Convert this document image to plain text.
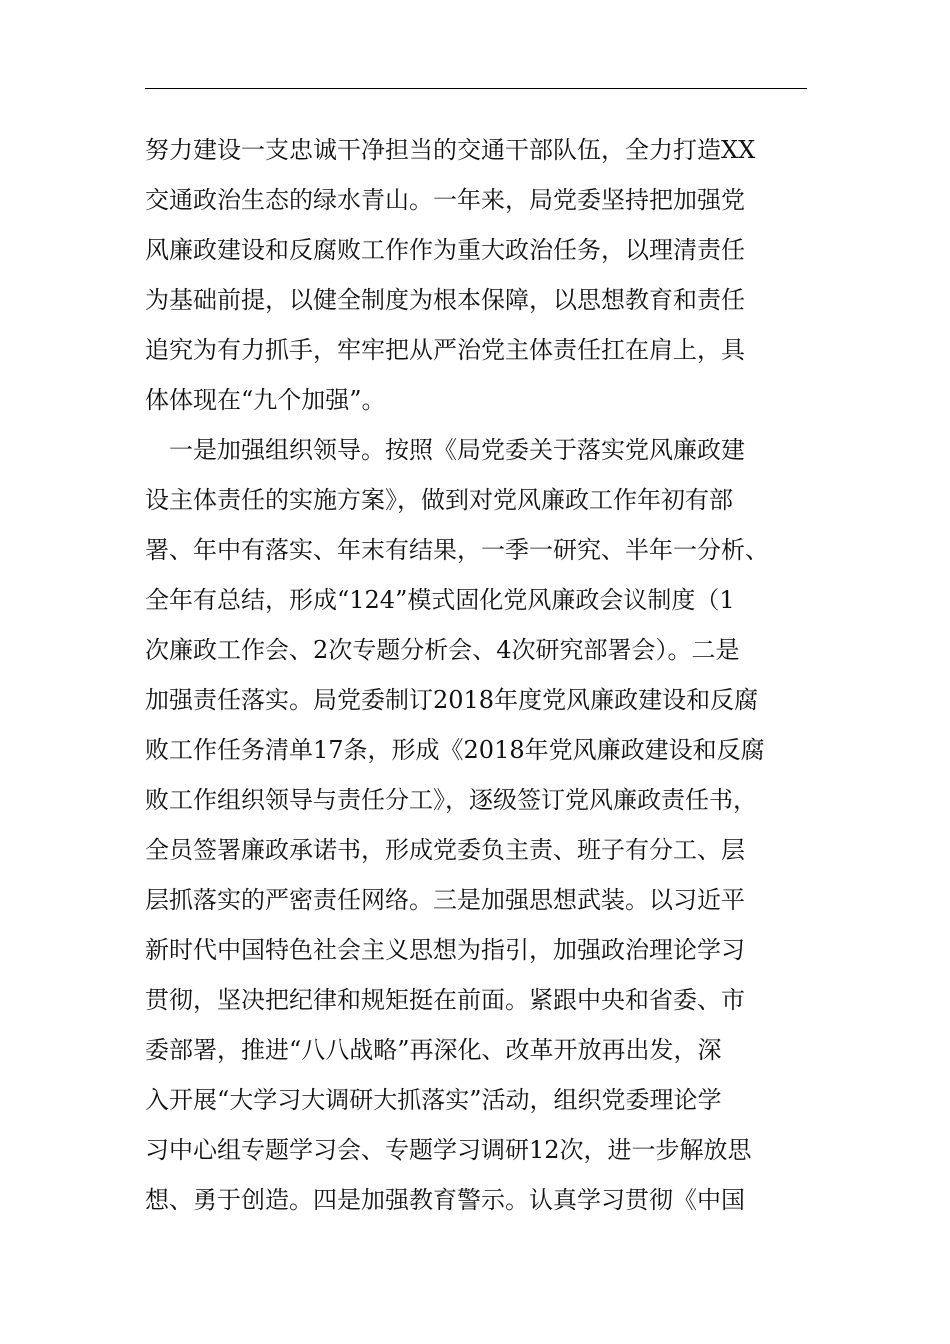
努力建设一支忠诚干净担当的交通干部队伍，全力打造XX
交通政治生态的绿水青山。一年来，局党委坚持把加强党
风廉政建设和反腐败工作作为重大政治任务，以理清责任
为基础前提，以健全制度为根本保障，以思想教育和责任
追究为有力抓手，牢牢把从严治党主体责任扛在肩上，具
体体现在“九个加强”。
　一是加强组织领导。按照《局党委关于落实党风廉政建
设主体责任的实施方案》，做到对党风廉政工作年初有部
署、年中有落实、年末有结果，一季一研究、半年一分析、
全年有总结，形成“124”模式固化党风廉政会议制度（1
次廉政工作会、2次专题分析会、4次研究部署会）。二是
加强责任落实。局党委制订2018年度党风廉政建设和反腐
败工作任务清单17条，形成《2018年党风廉政建设和反腐
败工作组织领导与责任分工》，逐级签订党风廉政责任书，
全员签署廉政承诺书，形成党委负主责、班子有分工、层
层抓落实的严密责任网络。三是加强思想武装。以习近平
新时代中国特色社会主义思想为指引，加强政治理论学习
贯彻，坚决把纪律和规矩挺在前面。紧跟中央和省委、市
委部署，推进“八八战略”再深化、改革开放再出发，深
入开展“大学习大调研大抓落实”活动，组织党委理论学
习中心组专题学习会、专题学习调研12次，进一步解放思
想、勇于创造。四是加强教育警示。认真学习贯彻《中国
